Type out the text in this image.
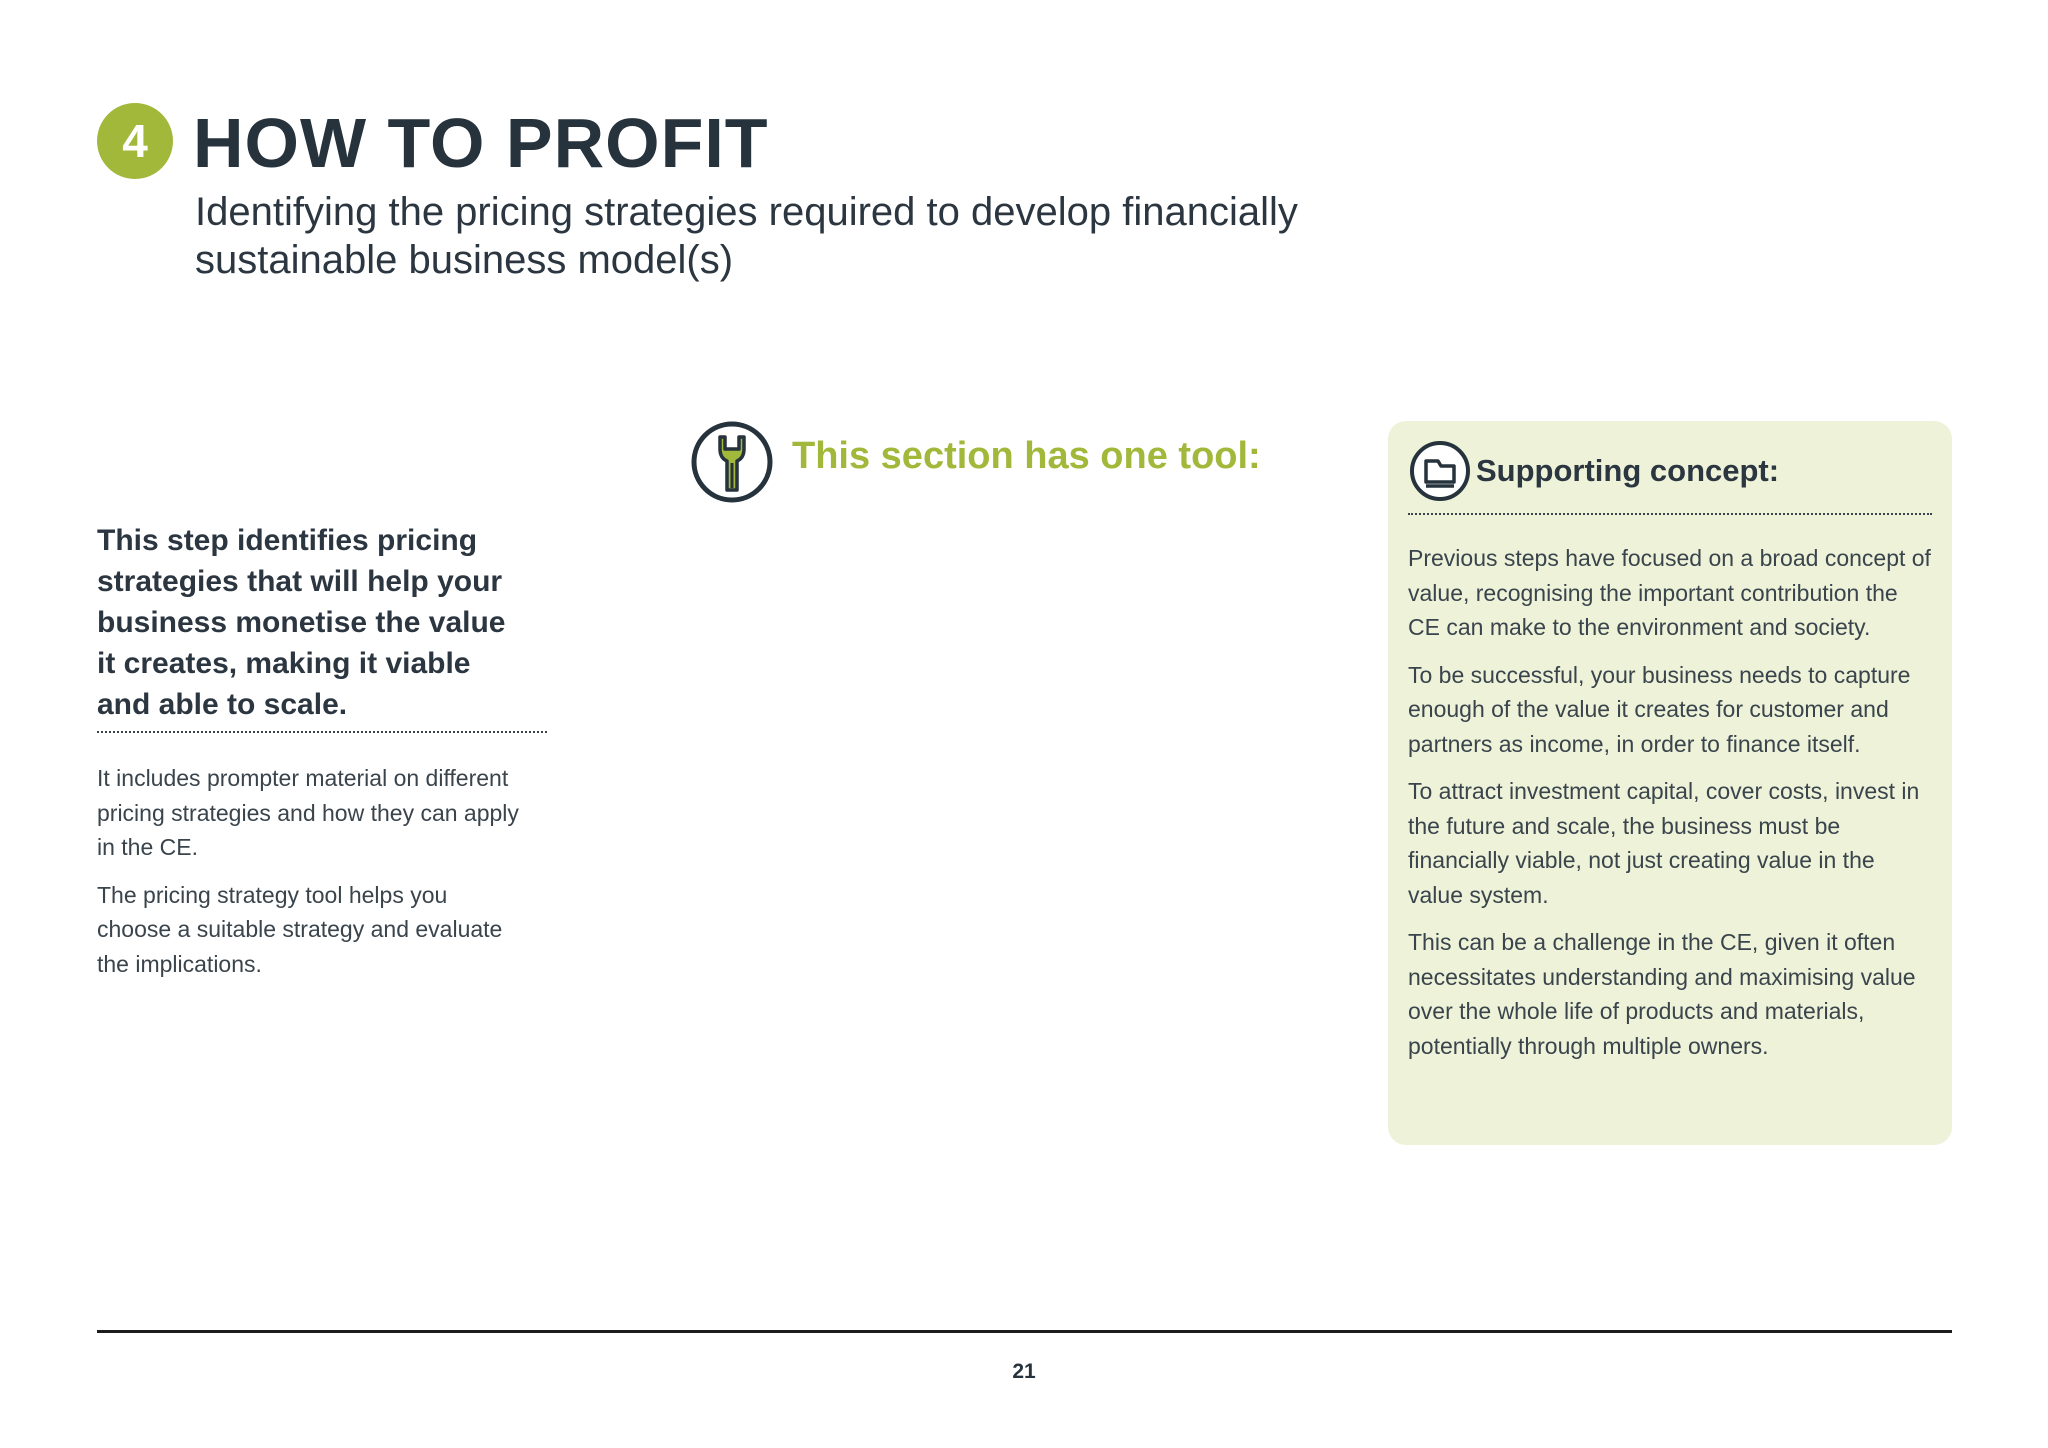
4 HOW TO PROFIT

Identifying the pricing strategies required to develop financially sustainable business model(s)

This step identifies pricing strategies that will help your business monetise the value it creates, making it viable and able to scale.

It includes prompter material on different pricing strategies and how they can apply in the CE.

The pricing strategy tool helps you choose a suitable strategy and evaluate the implications.

This section has one tool:	Supporting concept:

Previous steps have focused on a broad concept of value, recognising the important contribution the CE can make to the environment and society.

To be successful, your business needs to capture enough of the value it creates for customer and partners as income, in order to finance itself.

To attract investment capital, cover costs, invest in the future and scale, the business must be financially viable, not just creating value in the value system.

This can be a challenge in the CE, given it often necessitates understanding and maximising value over the whole life of products and materials, potentially through multiple owners.

21
